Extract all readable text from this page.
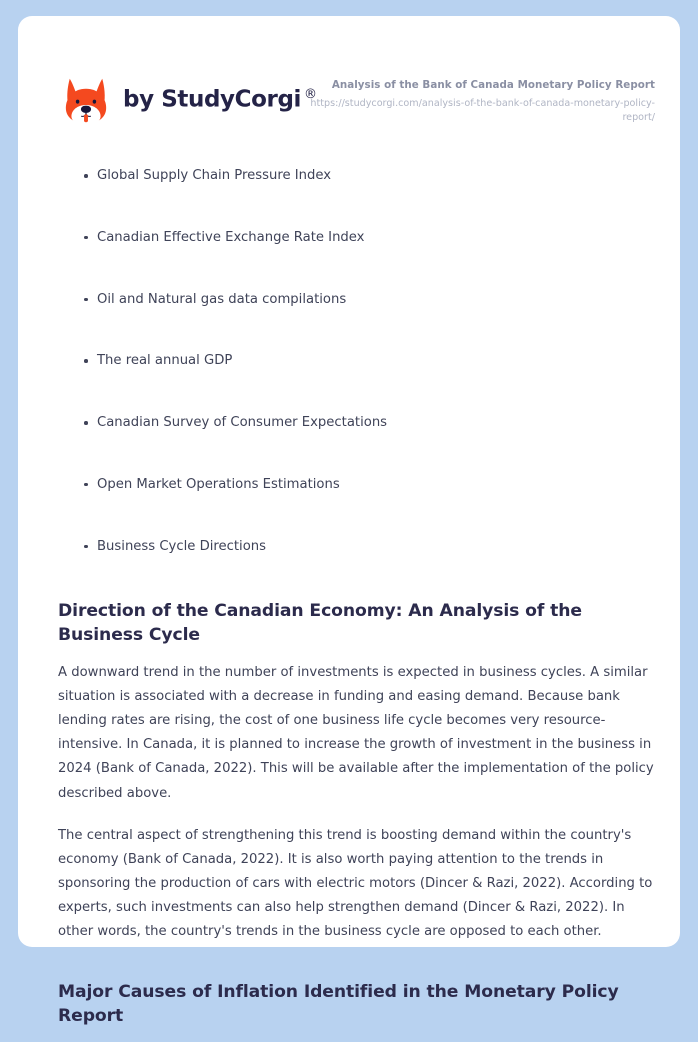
by StudyCorgi ®
Analysis of the Bank of Canada Monetary Policy Report
https://studycorgi.com/analysis-of-the-bank-of-canada-monetary-policy-report/
Global Supply Chain Pressure Index
Canadian Effective Exchange Rate Index
Oil and Natural gas data compilations
The real annual GDP
Canadian Survey of Consumer Expectations
Open Market Operations Estimations
Business Cycle Directions
Direction of the Canadian Economy: An Analysis of the Business Cycle

A downward trend in the number of investments is expected in business cycles. A similar situation is associated with a decrease in funding and easing demand. Because bank lending rates are rising, the cost of one business life cycle becomes very resource-intensive. In Canada, it is planned to increase the growth of investment in the business in 2024 (Bank of Canada, 2022). This will be available after the implementation of the policy described above.

The central aspect of strengthening this trend is boosting demand within the country's economy (Bank of Canada, 2022). It is also worth paying attention to the trends in sponsoring the production of cars with electric motors (Dincer & Razi, 2022). According to experts, such investments can also help strengthen demand (Dincer & Razi, 2022). In other words, the country's trends in the business cycle are opposed to each other.

Major Causes of Inflation Identified in the Monetary Policy Report
